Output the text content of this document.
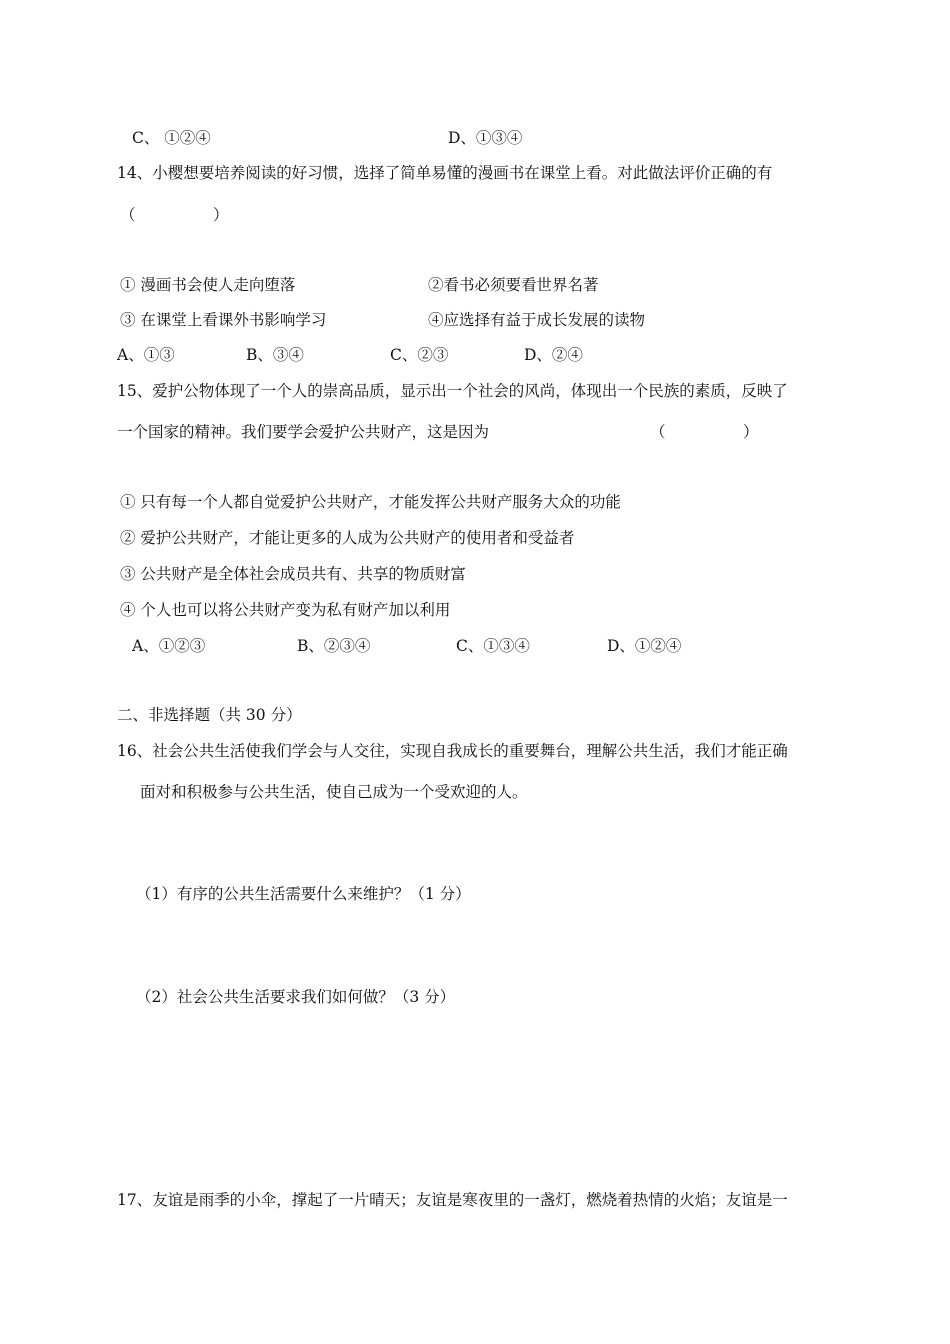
C、 ①②④	D、①③④
14、小樱想要培养阅读的好习惯，选择了简单易懂的漫画书在课堂上看。对此做法评价正确的有
（　　　　　）
① 漫画书会使人走向堕落	②看书必须要看世界名著
③ 在课堂上看课外书影响学习	④应选择有益于成长发展的读物
A、①③	B、③④	C、②③	D、②④
15、爱护公物体现了一个人的崇高品质，显示出一个社会的风尚，体现出一个民族的素质，反映了
一个国家的精神。我们要学会爱护公共财产，这是因为	（　　　　　）
① 只有每一个人都自觉爱护公共财产，才能发挥公共财产服务大众的功能
② 爱护公共财产，才能让更多的人成为公共财产的使用者和受益者
③ 公共财产是全体社会成员共有、共享的物质财富
④ 个人也可以将公共财产变为私有财产加以利用
A、①②③	B、②③④	C、①③④	D、①②④
二、非选择题（共 30 分）
16、社会公共生活使我们学会与人交往，实现自我成长的重要舞台，理解公共生活，我们才能正确
面对和积极参与公共生活，使自己成为一个受欢迎的人。
（1）有序的公共生活需要什么来维护？（1 分）
（2）社会公共生活要求我们如何做？（3 分）
17、友谊是雨季的小伞，撑起了一片晴天；友谊是寒夜里的一盏灯，燃烧着热情的火焰；友谊是一
